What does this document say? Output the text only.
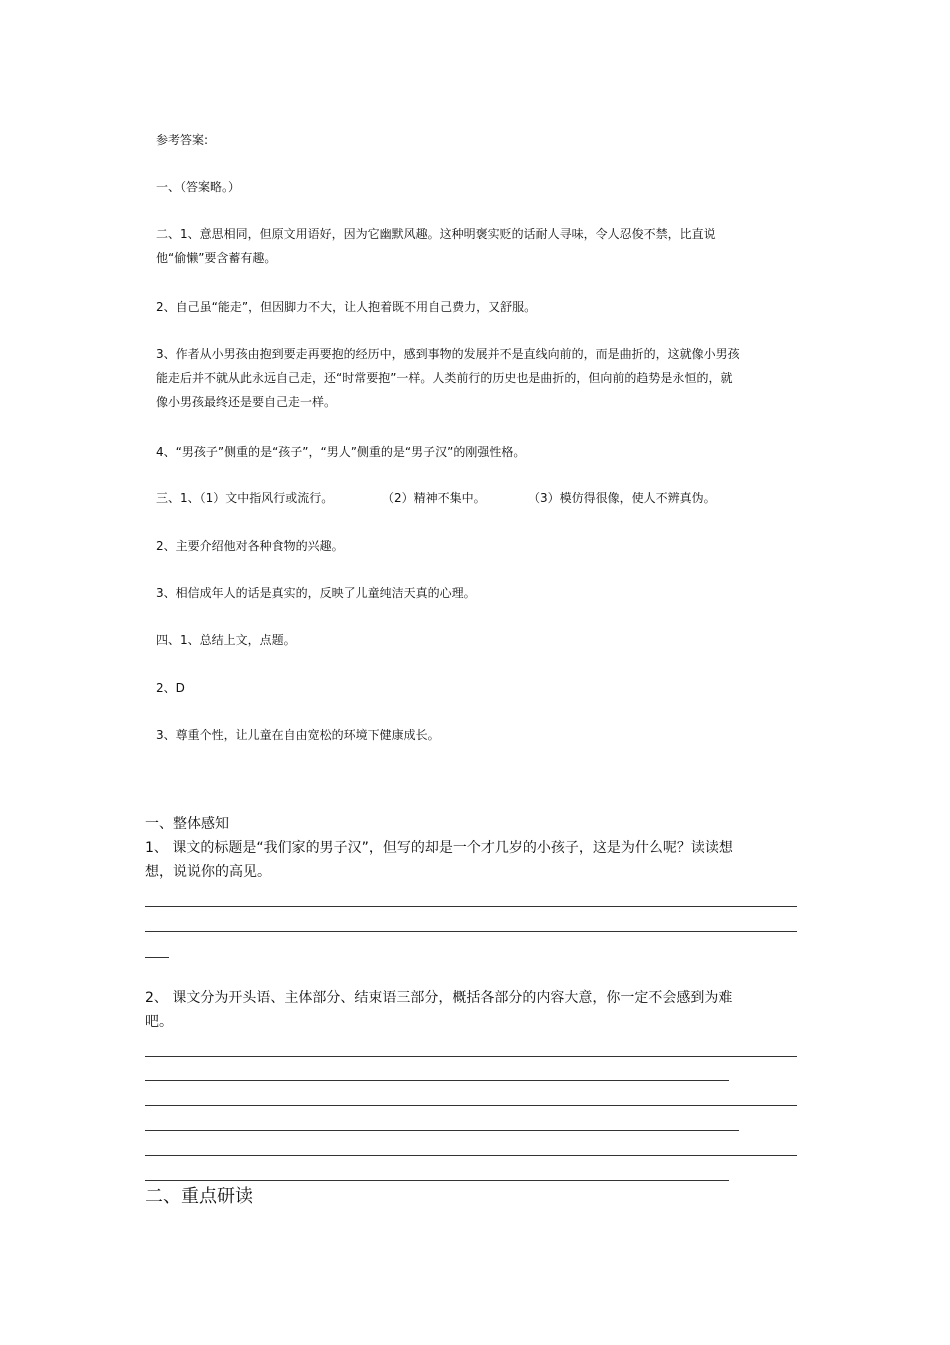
参考答案:
一、（答案略。）
二、1、意思相同，但原文用语好，因为它幽默风趣。这种明褒实贬的话耐人寻味，令人忍俊不禁，比直说他“偷懒”要含蓄有趣。
2、自己虽“能走”，但因脚力不大，让人抱着既不用自己费力，又舒服。
3、作者从小男孩由抱到要走再要抱的经历中，感到事物的发展并不是直线向前的，而是曲折的，这就像小男孩能走后并不就从此永远自己走，还“时常要抱”一样。人类前行的历史也是曲折的，但向前的趋势是永恒的，就像小男孩最终还是要自己走一样。
4、“男孩子”侧重的是“孩子”，“男人”侧重的是“男子汉”的刚强性格。
三、1、（1）文中指风行或流行。	（2）精神不集中。	（3）模仿得很像，使人不辨真伪。
2、主要介绍他对各种食物的兴趣。
3、相信成年人的话是真实的，反映了儿童纯洁天真的心理。
四、1、总结上文，点题。
2、D
3、尊重个性，让儿童在自由宽松的环境下健康成长。
一、整体感知
1、 课文的标题是“我们家的男子汉”，但写的却是一个才几岁的小孩子，这是为什么呢？读读想想，说说你的高见。
2、 课文分为开头语、主体部分、结束语三部分，概括各部分的内容大意，你一定不会感到为难吧。
二、重点研读
